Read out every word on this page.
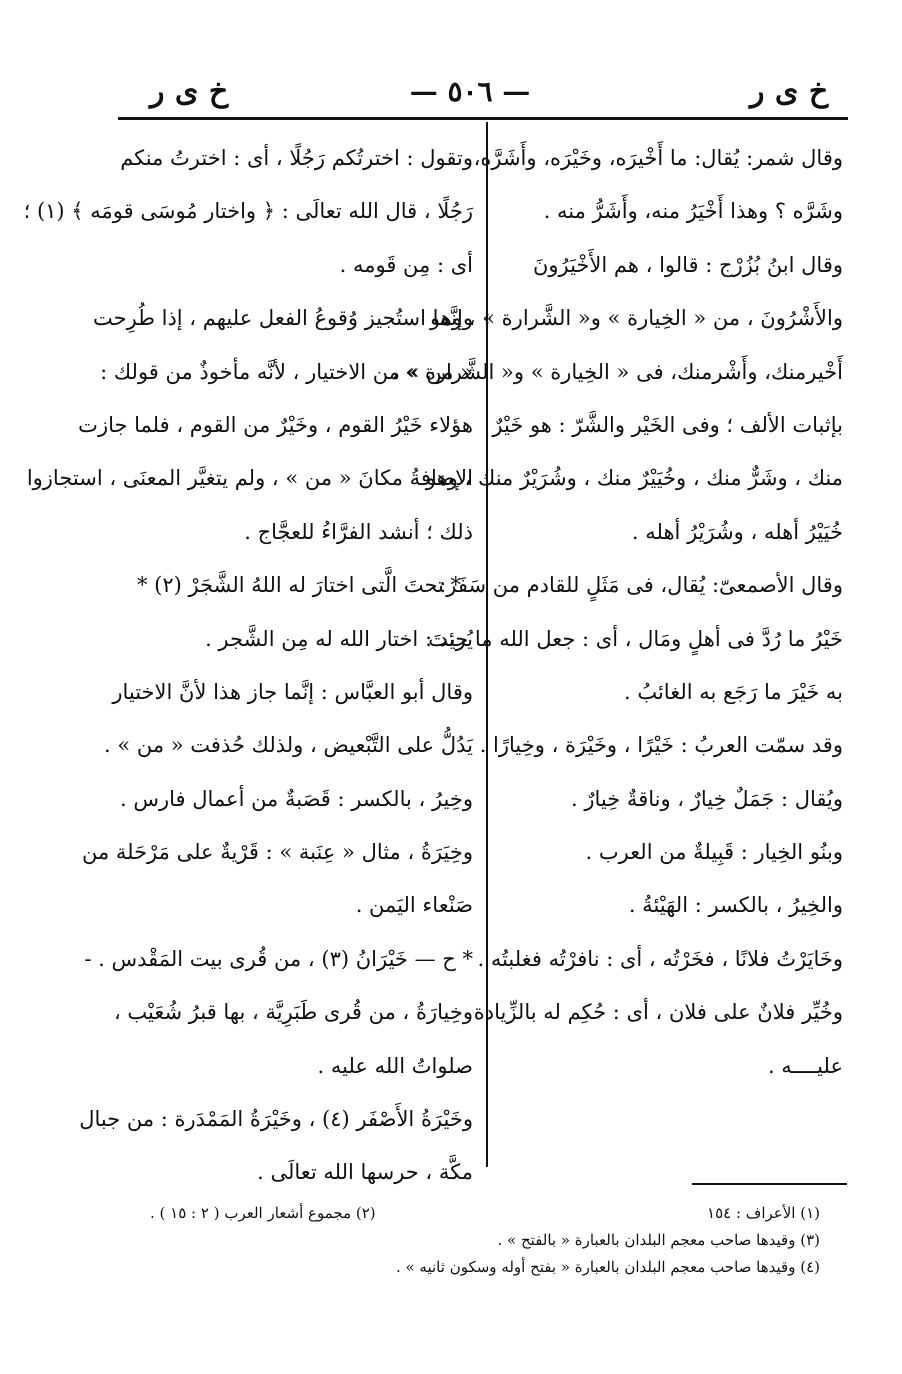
خ ى ر	— ٥٠٦ —	خ ى ر
وقال شمر: يُقال: ما أَخْيرَه، وخَيْرَه، وأَشَرَّه،
وشَرَّه ؟ وهذا أَخْيَرُ منه، وأَشَرُّ منه .
وقال ابنُ بُزُرْج : قالوا ، هم الأَخْيَرُونَ
والأَشْرُونَ ، من « الخِيارة » و« الشَّرارة » ، وهو
أَخْيرمنك، وأَشْرمنك، فى « الخِيارة » و« الشَّرارة » ،
بإثبات الألف ؛ وفى الخَيْر والشَّرّ : هو خَيْرٌ
منك ، وشَرٌّ منك ، وخُيَيْرٌ منك ، وشُرَيْرٌ منك ، وهو
خُيَيْرُ أهله ، وشُرَيْرُ أهله .
وقال الأصمعىّ: يُقال، فى مَثَلٍ للقادم من سَفَر:
خَيْرُ ما رُدَّ فى أهلٍ ومَال ، أى : جعل الله ما جئتَ
به خَيْرَ ما رَجَع به الغائبُ .
وقد سمّت العربُ : خَيْرًا ، وخَيْرَة ، وخِيارًا .
ويُقال : جَمَلٌ خِيارٌ ، وناقةٌ خِيارٌ .
وبنُو الخِيار : قَبِيلةٌ من العرب .
والخِيرُ ، بالكسر : الهَيْئةُ .
وخَايَرْتُ فلانًا ، فخَرْتُه ، أى : نافرْتُه فغلبتُه .
وخُيِّر فلانٌ على فلان ، أى : حُكِم له بالزِّيادة
عليــــه .
وتقول : اخترتُكم رَجُلًا ، أى : اخترتُ منكم
رَجُلًا ، قال الله تعالَى : ﴿ واختار مُوسَى قومَه ﴾ (١) ؛
أى : مِن قَومه .
وإنَّما استُجيز وُقوعُ الفعل عليهم ، إذا طُرِحت
« من » من الاختيار ، لأنَّه مأخوذٌ من قولك :
هؤلاء خَيْرُ القوم ، وخَيْرٌ من القوم ، فلما جازت
الإضافةُ مكانَ « من » ، ولم يتغيَّر المعنَى ، استجازوا
ذلك ؛ أنشد الفرَّاءُ للعجَّاج .
* تحتَ الَّتى اختارَ له اللهُ الشَّجَرْ (٢) *
يُريد : اختار الله له مِن الشَّجر .
وقال أبو العبَّاس : إنَّما جاز هذا لأنَّ الاختيار
يَدُلُّ على التَّبْعيض ، ولذلك حُذفت « من » .
وخِيرُ ، بالكسر : قَصَبةٌ من أعمال فارس .
وخِيَرَةُ ، مثال « عِنَبة » : قَرْيةٌ على مَرْحَلة من
صَنْعاء اليَمن .
* ح — خَيْرَانُ (٣) ، من قُرى بيت المَقْدس . -
وخِيارَةُ ، من قُرى طَبَرِيَّة ، بها قبرُ شُعَيْب ،
صلواتُ الله عليه .
وخَيْرَةُ الأَصْفَر (٤) ، وخَيْرَةُ المَمْدَرة : من جبال
مكَّة ، حرسها الله تعالَى .
(١) الأعراف : ١٥٤
(٢) مجموع أشعار العرب ( ٢ : ١٥ ) .
(٣) وقيدها صاحب معجم البلدان بالعبارة « بالفتح » .
(٤) وقيدها صاحب معجم البلدان بالعبارة « بفتح أوله وسكون ثانيه » .
